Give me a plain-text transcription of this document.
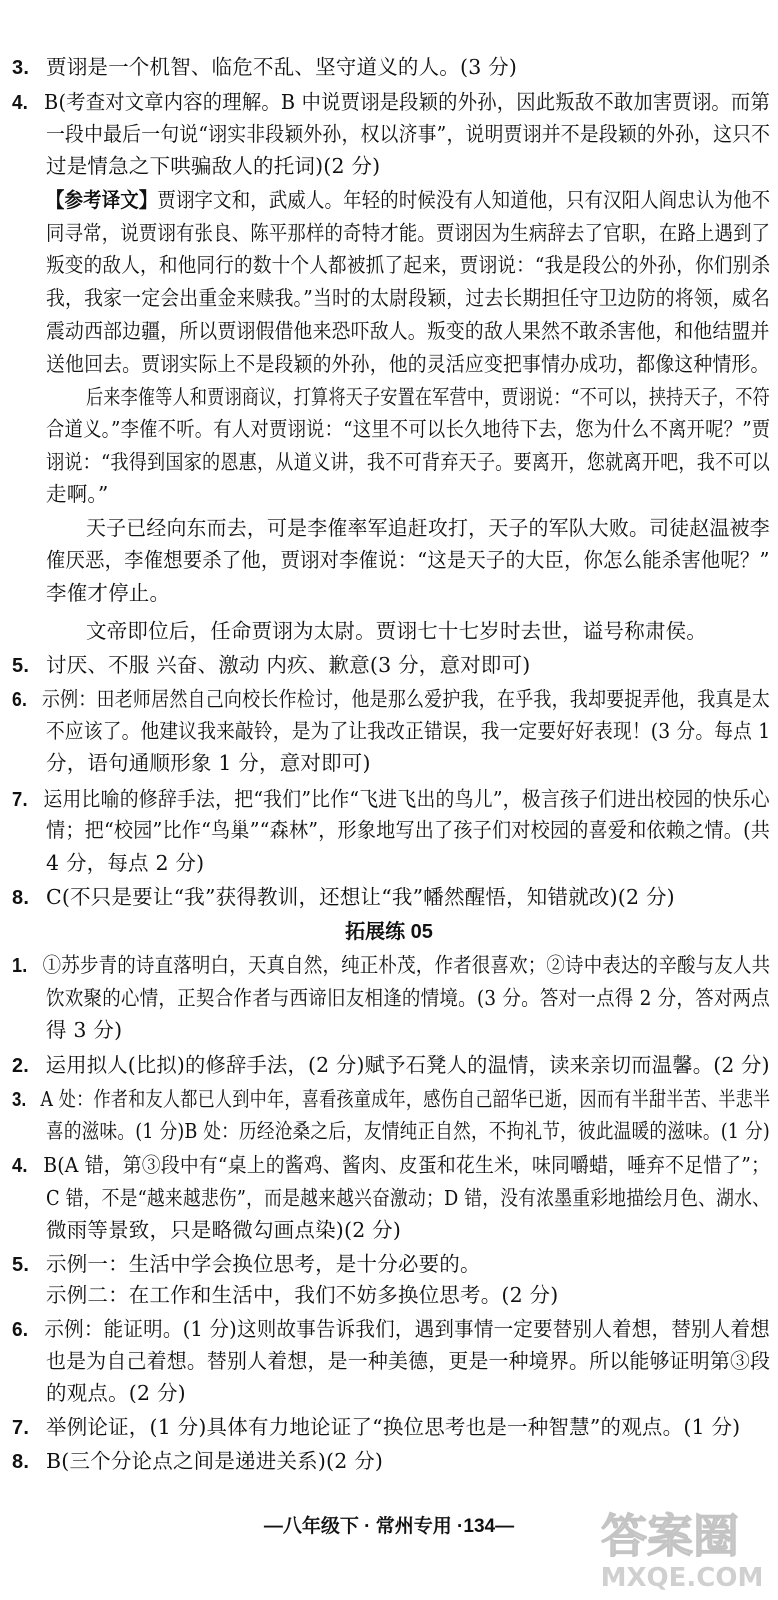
3. 贾诩是一个机智、临危不乱、坚守道义的人。(3 分)
4. B(考查对文章内容的理解。B 中说贾诩是段颖的外孙，因此叛敌不敢加害贾诩。而第
一段中最后一句说“诩实非段颖外孙，权以济事”，说明贾诩并不是段颖的外孙，这只不
过是情急之下哄骗敌人的托词)(2 分)
【参考译文】贾诩字文和，武威人。年轻的时候没有人知道他，只有汉阳人阎忠认为他不
同寻常，说贾诩有张良、陈平那样的奇特才能。贾诩因为生病辞去了官职，在路上遇到了
叛变的敌人，和他同行的数十个人都被抓了起来，贾诩说：“我是段公的外孙，你们别杀
我，我家一定会出重金来赎我。”当时的太尉段颖，过去长期担任守卫边防的将领，威名
震动西部边疆，所以贾诩假借他来恐吓敌人。叛变的敌人果然不敢杀害他，和他结盟并
送他回去。贾诩实际上不是段颖的外孙，他的灵活应变把事情办成功，都像这种情形。
后来李傕等人和贾诩商议，打算将天子安置在军营中，贾诩说：“不可以，挟持天子，不符
合道义。”李傕不听。有人对贾诩说：“这里不可以长久地待下去，您为什么不离开呢？”贾
诩说：“我得到国家的恩惠，从道义讲，我不可背弃天子。要离开，您就离开吧，我不可以
走啊。”
天子已经向东而去，可是李傕率军追赶攻打，天子的军队大败。司徒赵温被李
傕厌恶，李傕想要杀了他，贾诩对李傕说：“这是天子的大臣，你怎么能杀害他呢？”
李傕才停止。
文帝即位后，任命贾诩为太尉。贾诩七十七岁时去世，谥号称肃侯。
5. 讨厌、不服 兴奋、激动 内疚、歉意(3 分，意对即可)
6. 示例：田老师居然自己向校长作检讨，他是那么爱护我，在乎我，我却要捉弄他，我真是太
不应该了。他建议我来敲铃，是为了让我改正错误，我一定要好好表现！(3 分。每点 1
分，语句通顺形象 1 分，意对即可)
7. 运用比喻的修辞手法，把“我们”比作“飞进飞出的鸟儿”，极言孩子们进出校园的快乐心
情；把“校园”比作“鸟巢”“森林”，形象地写出了孩子们对校园的喜爱和依赖之情。(共
4 分，每点 2 分)
8. C(不只是要让“我”获得教训，还想让“我”幡然醒悟，知错就改)(2 分)
1. ①苏步青的诗直落明白，天真自然，纯正朴茂，作者很喜欢；②诗中表达的辛酸与友人共
饮欢聚的心情，正契合作者与西谛旧友相逢的情境。(3 分。答对一点得 2 分，答对两点
得 3 分)
2. 运用拟人(比拟)的修辞手法，(2 分)赋予石凳人的温情，读来亲切而温馨。(2 分)
3. A 处：作者和友人都已人到中年，喜看孩童成年，感伤自己韶华已逝，因而有半甜半苦、半悲半
喜的滋味。(1 分)B 处：历经沧桑之后，友情纯正自然，不拘礼节，彼此温暖的滋味。(1 分)
4. B(A 错，第③段中有“桌上的酱鸡、酱肉、皮蛋和花生米，味同嚼蜡，唾弃不足惜了”；
C 错，不是“越来越悲伤”，而是越来越兴奋激动；D 错，没有浓墨重彩地描绘月色、湖水、
微雨等景致，只是略微勾画点染)(2 分)
5. 示例一：生活中学会换位思考，是十分必要的。
示例二：在工作和生活中，我们不妨多换位思考。(2 分)
6. 示例：能证明。(1 分)这则故事告诉我们，遇到事情一定要替别人着想，替别人着想
也是为自己着想。替别人着想，是一种美德，更是一种境界。所以能够证明第③段
的观点。(2 分)
7. 举例论证，(1 分)具体有力地论证了“换位思考也是一种智慧”的观点。(1 分)
8. B(三个分论点之间是递进关系)(2 分)
拓展练 05
—八年级下 · 常州专用 ·134—	答案圈
MXQE.COM
